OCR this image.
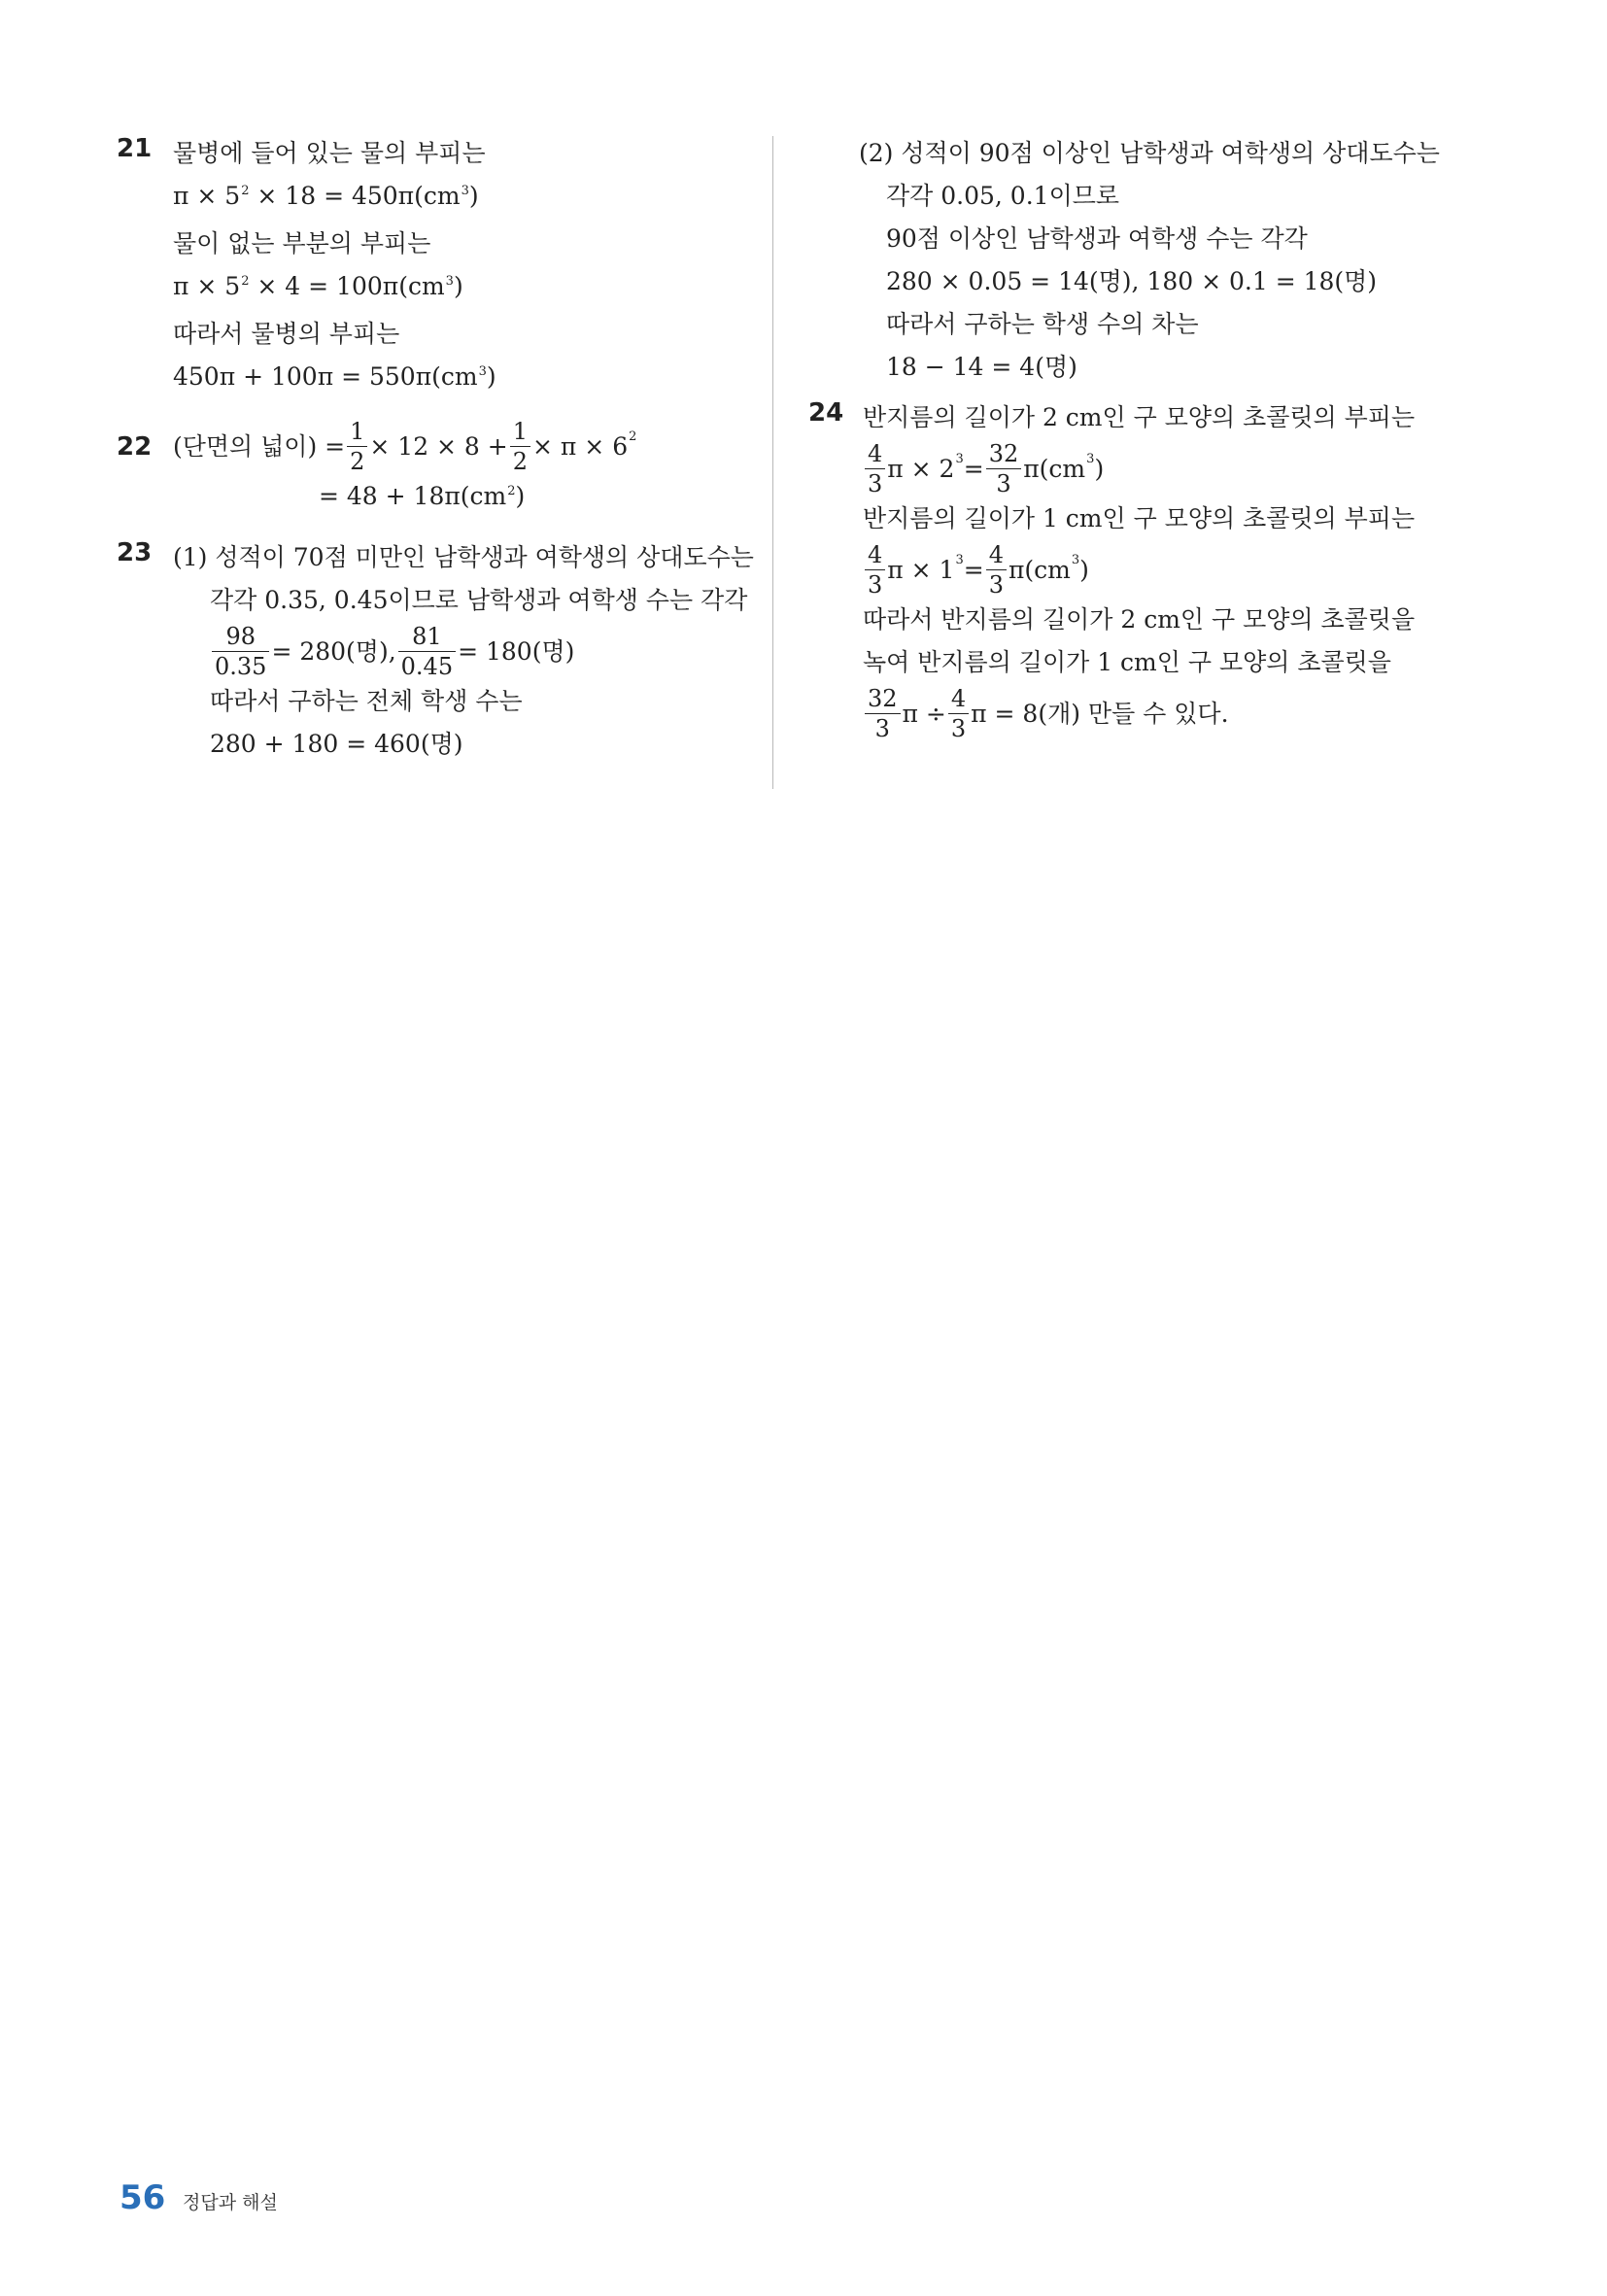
21 물병에 들어 있는 물의 부피는
$\pi \times 5^2 \times 18 = 450\pi(cm^3)$
물이 없는 부분의 부피는
$\pi \times 5^2 \times 4 = 100\pi(cm^3)$
따라서 물병의 부피는
$450\pi + 100\pi = 550\pi(cm^3)$
22 (단면의 넓이) = $\frac{1}{2} \times 12 \times 8 + \frac{1}{2} \times \pi \times 6$ 2
= $48 + 18\pi(cm^2)$
23 (1) 성적이 70점 미만인 남학생과 여학생의 상대도수는
각각 0.35, 0.45이므로 남학생과 여학생 수는 각각
$\frac{98}{0.35} = 280$(명), $\frac{81}{0.45} = 180$(명)
따라서 구하는 전체 학생 수는
280 + 180 = 460(명)
(2) 성적이 90점 이상인 남학생과 여학생의 상대도수는
각각 0.05, 0.1이므로
90점 이상인 남학생과 여학생 수는 각각
280 × 0.05 = 14(명), 180 × 0.1 = 18(명)
따라서 구하는 학생 수의 차는
18 − 14 = 4(명)
24 반지름의 길이가 2 cm인 구 모양의 초콜릿의 부피는
$\frac{4}{3}$ π × 2 $3 = \frac{32}{3} \pi(cm$ 3 )
반지름의 길이가 1 cm인 구 모양의 초콜릿의 부피는
$\frac{4}{3}$ π × 1 $3 = \frac{4}{3} \pi(cm$ 3 )
따라서 반지름의 길이가 2 cm인 구 모양의 초콜릿을
녹여 반지름의 길이가 1 cm인 구 모양의 초콜릿을
$\frac{32}{3}$ $\pi \div \frac{4}{3}$ π = 8(개) 만들 수 있다.
56 정답과 해설
